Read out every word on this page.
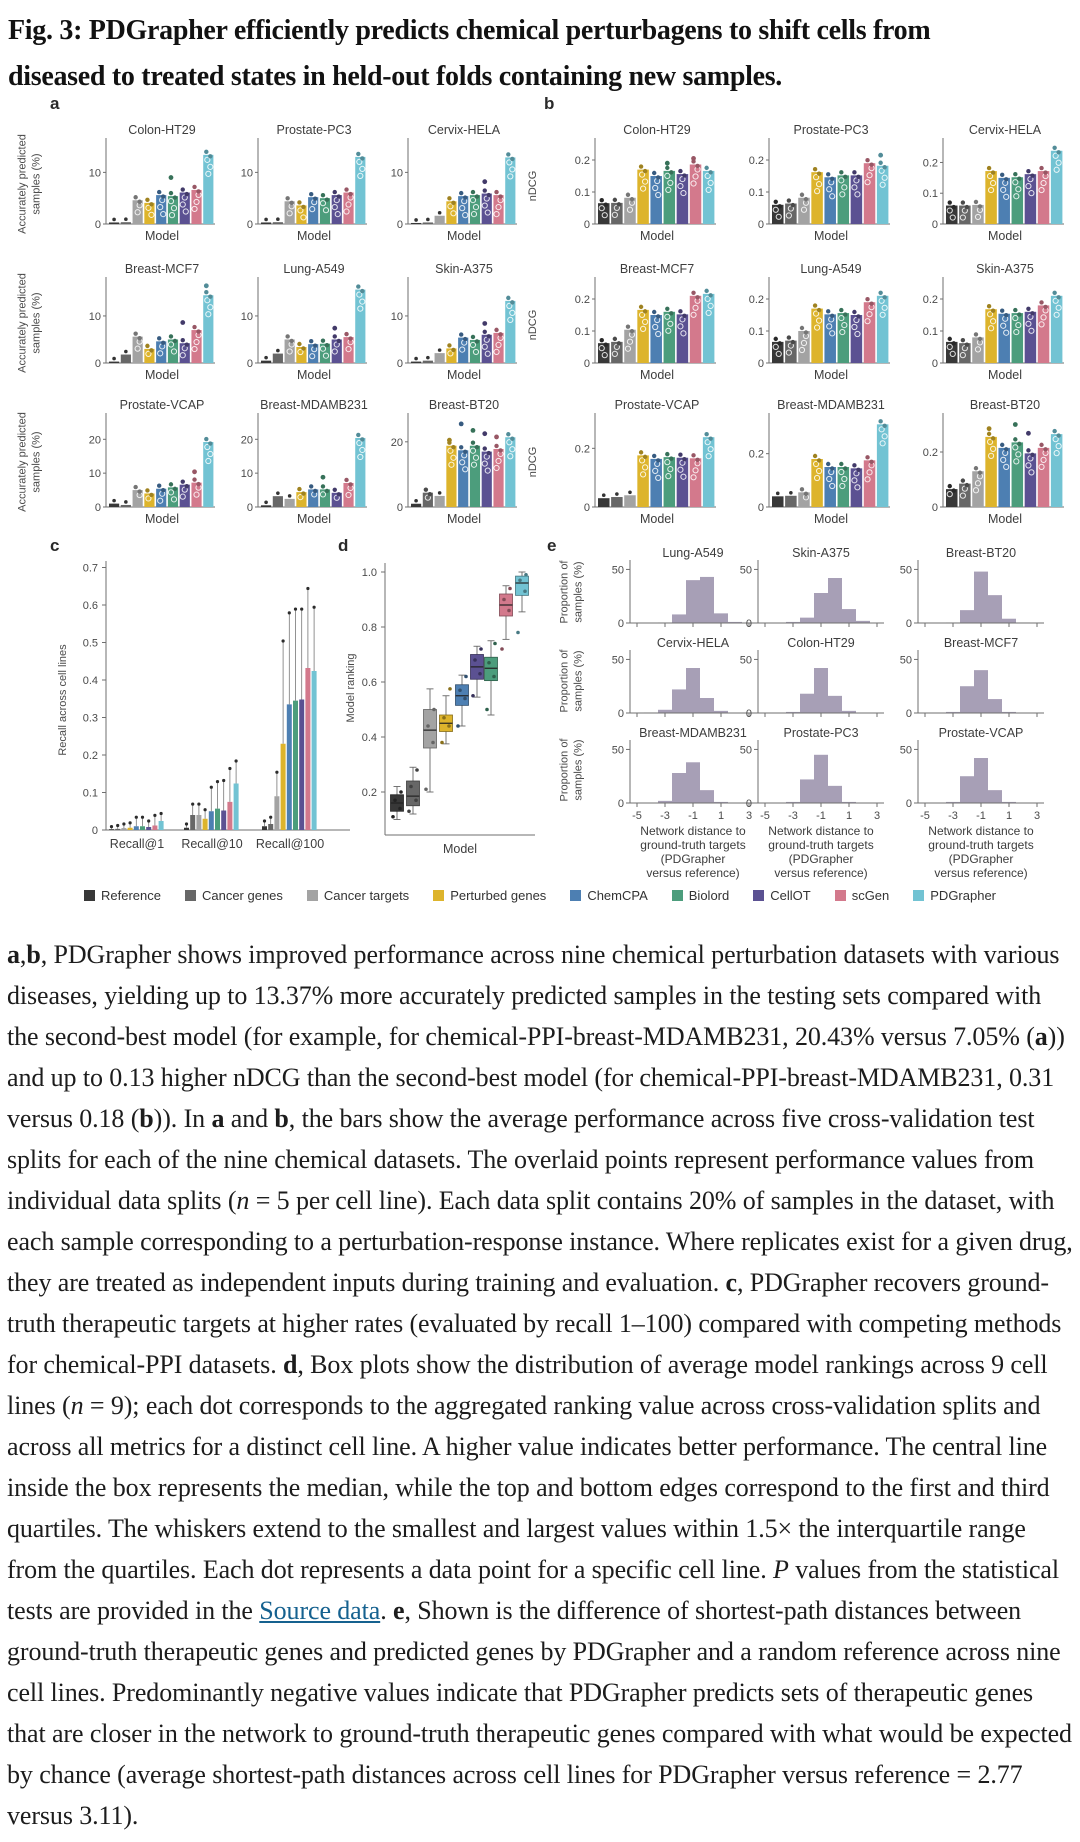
Fig. 3: PDGrapher efficiently predicts chemical perturbagens to shift cells from
diseased to treated states in held-out folds containing new samples.
a	b
c	d	e
Accurately predicted samples (%)
Accurately predicted samples (%)
Accurately predicted samples (%)
nDCG
nDCG
nDCG
Recall across cell lines	Model ranking
Proportion of samples (%)
Proportion of samples (%)
Proportion of samples (%)
Colon-HT29
10
0
Model
Prostate-PC3
10
0
Model
Cervix-HELA
10
0
Model
Breast-MCF7
10
0
Model
Lung-A549
10
0
Model
Skin-A375
10
0
Model
Prostate-VCAP
20
10
0
Model
Breast-MDAMB231
20
10
0
Model
Breast-BT20
20
0
Model
Colon-HT29
0.2
0.1
0
Model
Prostate-PC3
0.2
0.1
0
Model
Cervix-HELA
0.2
0.1
0
Model
Breast-MCF7
0.2
0.1
0
Model
Lung-A549
0.2
0.1
0
Model
Skin-A375
0.2
0.1
0
Model
Prostate-VCAP
0.2
0
Model
Breast-MDAMB231
0.2
0
Model
Breast-BT20
0.2
0
Model
0
0.1
0.2
0.3
0.4
0.5
0.6
0.7
Recall@1 Recall@10 Recall@100
0.2
0.4
0.6
0.8
1.0
Model
Lung-A549
50
0
Skin-A375
50
0
Breast-BT20
50
0
Cervix-HELA
50
0
Colon-HT29
50
0
Breast-MCF7
50
0
Breast-MDAMB231
50
0
-5 -3 -1 1 3
Network distance to
ground-truth targets
(PDGrapher
versus reference)
Prostate-PC3
50
0
-5 -3 -1 1 3
Network distance to
ground-truth targets
(PDGrapher
versus reference)
Prostate-VCAP
50
0
-5 -3 -1 1 3
Network distance to
ground-truth targets
(PDGrapher
versus reference)
Reference	Cancer genes	Cancer targets	Perturbed genes	ChemCPA	Biolord	CellOT	scGen	PDGrapher
a,b, PDGrapher shows improved performance across nine chemical perturbation datasets with various diseases, yielding up to 13.37% more accurately predicted samples in the testing sets compared with the second-best model (for example, for chemical-PPI-breast-MDAMB231, 20.43% versus 7.05% (a)) and up to 0.13 higher nDCG than the second-best model (for chemical-PPI-breast-MDAMB231, 0.31 versus 0.18 (b)). In a and b, the bars show the average performance across five cross-validation test splits for each of the nine chemical datasets. The overlaid points represent performance values from individual data splits (n = 5 per cell line). Each data split contains 20% of samples in the dataset, with each sample corresponding to a perturbation-response instance. Where replicates exist for a given drug, they are treated as independent inputs during training and evaluation. c, PDGrapher recovers ground-truth therapeutic targets at higher rates (evaluated by recall 1–100) compared with competing methods for chemical-PPI datasets. d, Box plots show the distribution of average model rankings across 9 cell lines (n = 9); each dot corresponds to the aggregated ranking value across cross-validation splits and across all metrics for a distinct cell line. A higher value indicates better performance. The central line inside the box represents the median, while the top and bottom edges correspond to the first and third quartiles. The whiskers extend to the smallest and largest values within 1.5× the interquartile range from the quartiles. Each dot represents a data point for a specific cell line. P values from the statistical tests are provided in the Source data. e, Shown is the difference of shortest-path distances between ground-truth therapeutic genes and predicted genes by PDGrapher and a random reference across nine cell lines. Predominantly negative values indicate that PDGrapher predicts sets of therapeutic genes that are closer in the network to ground-truth therapeutic genes compared with what would be expected by chance (average shortest-path distances across cell lines for PDGrapher versus reference = 2.77 versus 3.11).
